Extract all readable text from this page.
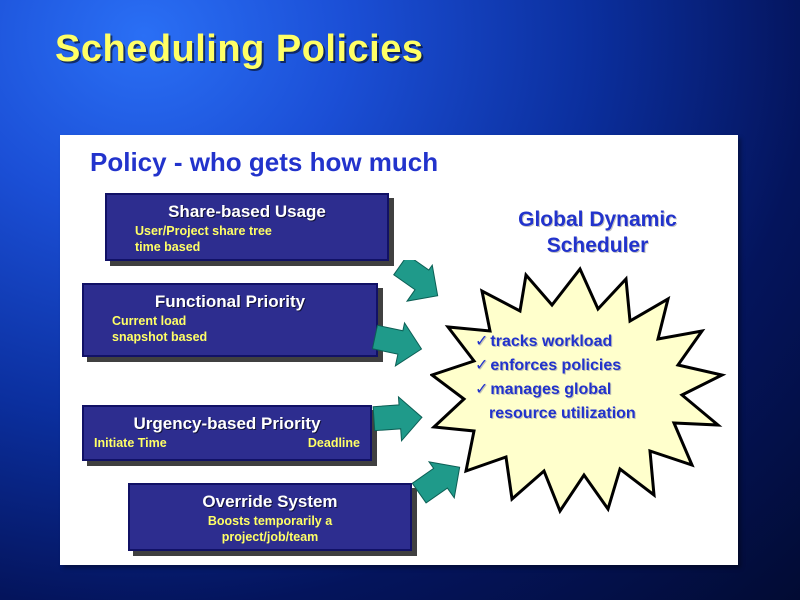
Scheduling Policies
Policy - who gets how much
Share-based Usage
User/Project share tree
time based
Functional Priority
Current load
snapshot based
Urgency-based Priority
Initiate Time	Deadline
Override System
Boosts temporarily a
project/job/team
Global Dynamic
Scheduler
✓ tracks workload
✓ enforces policies
✓ manages global
resource utilization
